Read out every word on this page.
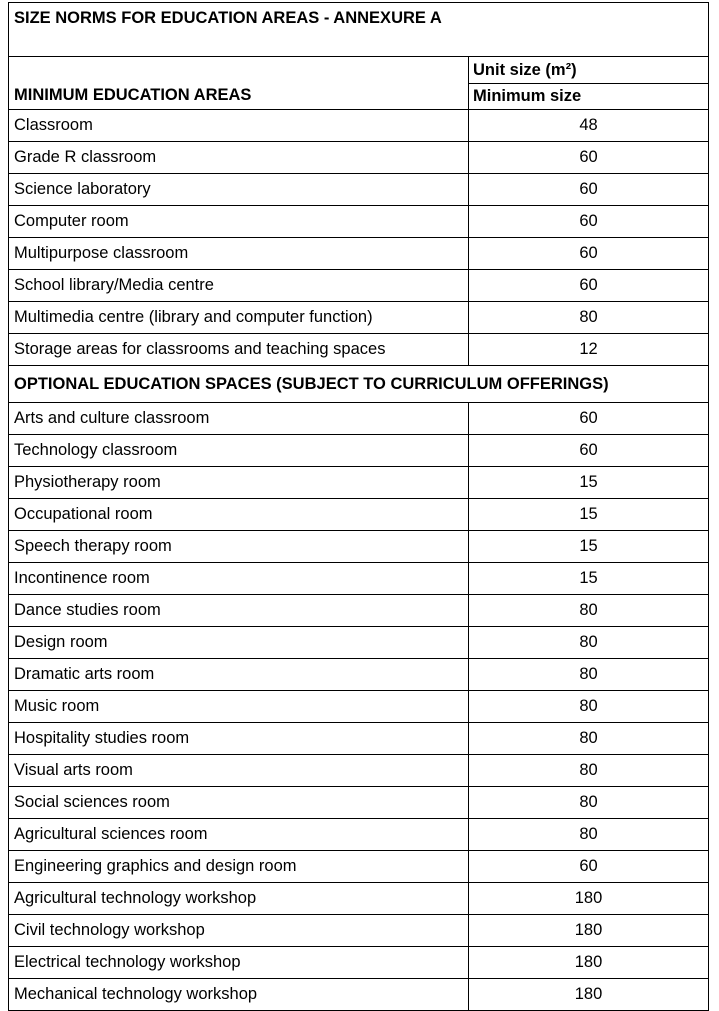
SIZE NORMS FOR EDUCATION AREAS - ANNEXURE A	
MINIMUM EDUCATION AREAS	Unit size (m²)
	Minimum size
Classroom	48
Grade R classroom	60
Science laboratory	60
Computer room	60
Multipurpose classroom	60
School library/Media centre	60
Multimedia centre (library and computer function)	80
Storage areas for classrooms and teaching spaces	12
OPTIONAL EDUCATION SPACES (SUBJECT TO CURRICULUM OFFERINGS)	
Arts and culture classroom	60
Technology classroom	60
Physiotherapy room	15
Occupational room	15
Speech therapy room	15
Incontinence room	15
Dance studies room	80
Design room	80
Dramatic arts room	80
Music room	80
Hospitality studies room	80
Visual arts room	80
Social sciences room	80
Agricultural sciences room	80
Engineering graphics and design room	60
Agricultural technology workshop	180
Civil technology workshop	180
Electrical technology workshop	180
Mechanical technology workshop	180
